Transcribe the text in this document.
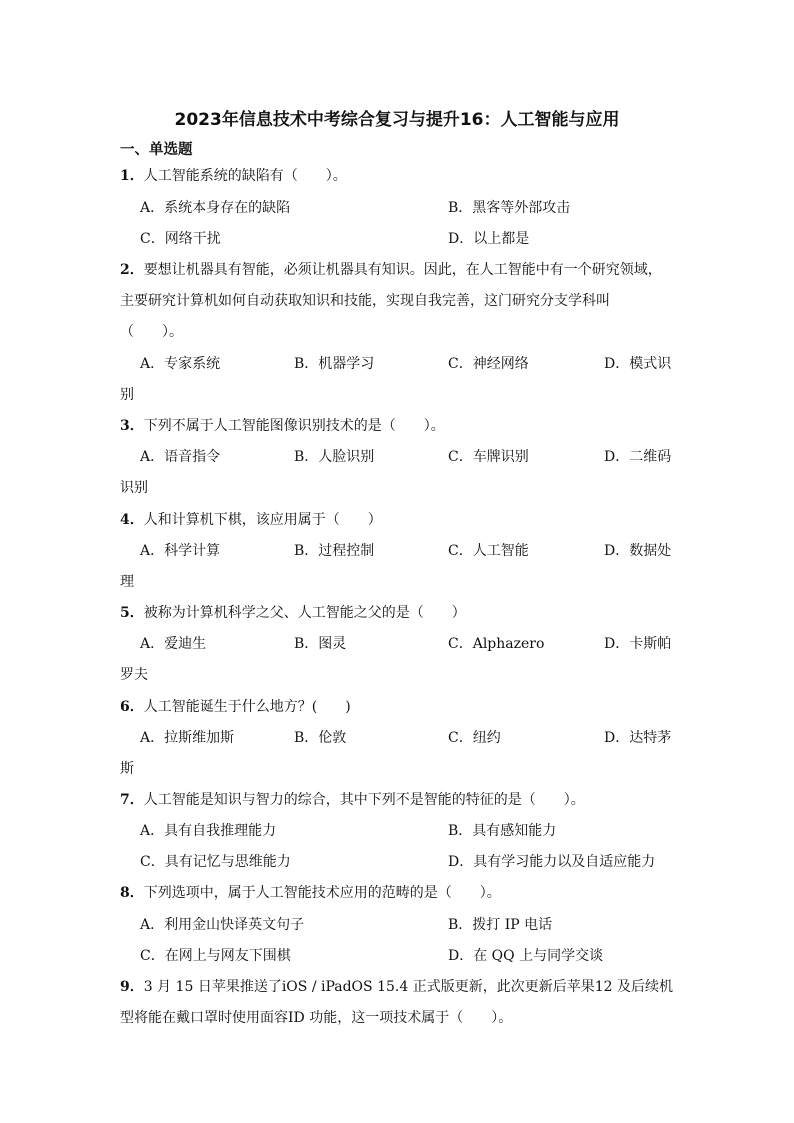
2023年信息技术中考综合复习与提升16：人工智能与应用
一、单选题
1．人工智能系统的缺陷有（　　）。
A．系统本身存在的缺陷	B．黑客等外部攻击
C．网络干扰	D．以上都是
2．要想让机器具有智能，必须让机器具有知识。因此，在人工智能中有一个研究领域，
主要研究计算机如何自动获取知识和技能，实现自我完善，这门研究分支学科叫
（　　）。
A．专家系统	B．机器学习	C．神经网络	D．模式识
别
3．下列不属于人工智能图像识别技术的是（　　）。
A．语音指令	B．人脸识别	C．车牌识别	D．二维码
识别
4．人和计算机下棋，该应用属于（　　）
A．科学计算	B．过程控制	C．人工智能	D．数据处
理
5．被称为计算机科学之父、人工智能之父的是（　　）
A．爱迪生	B．图灵	C．Alphazero	D．卡斯帕
罗夫
6．人工智能诞生于什么地方？(　　)
A．拉斯维加斯	B．伦敦	C．纽约	D．达特茅
斯
7．人工智能是知识与智力的综合，其中下列不是智能的特征的是（　　）。
A．具有自我推理能力	B．具有感知能力
C．具有记忆与思维能力	D．具有学习能力以及自适应能力
8．下列选项中，属于人工智能技术应用的范畴的是（　　）。
A．利用金山快译英文句子	B．拨打 IP 电话
C．在网上与网友下围棋	D．在 QQ 上与同学交谈
9．3 月 15 日苹果推送了iOS / iPadOS 15.4 正式版更新，此次更新后苹果12 及后续机
型将能在戴口罩时使用面容ID 功能，这一项技术属于（　　）。
